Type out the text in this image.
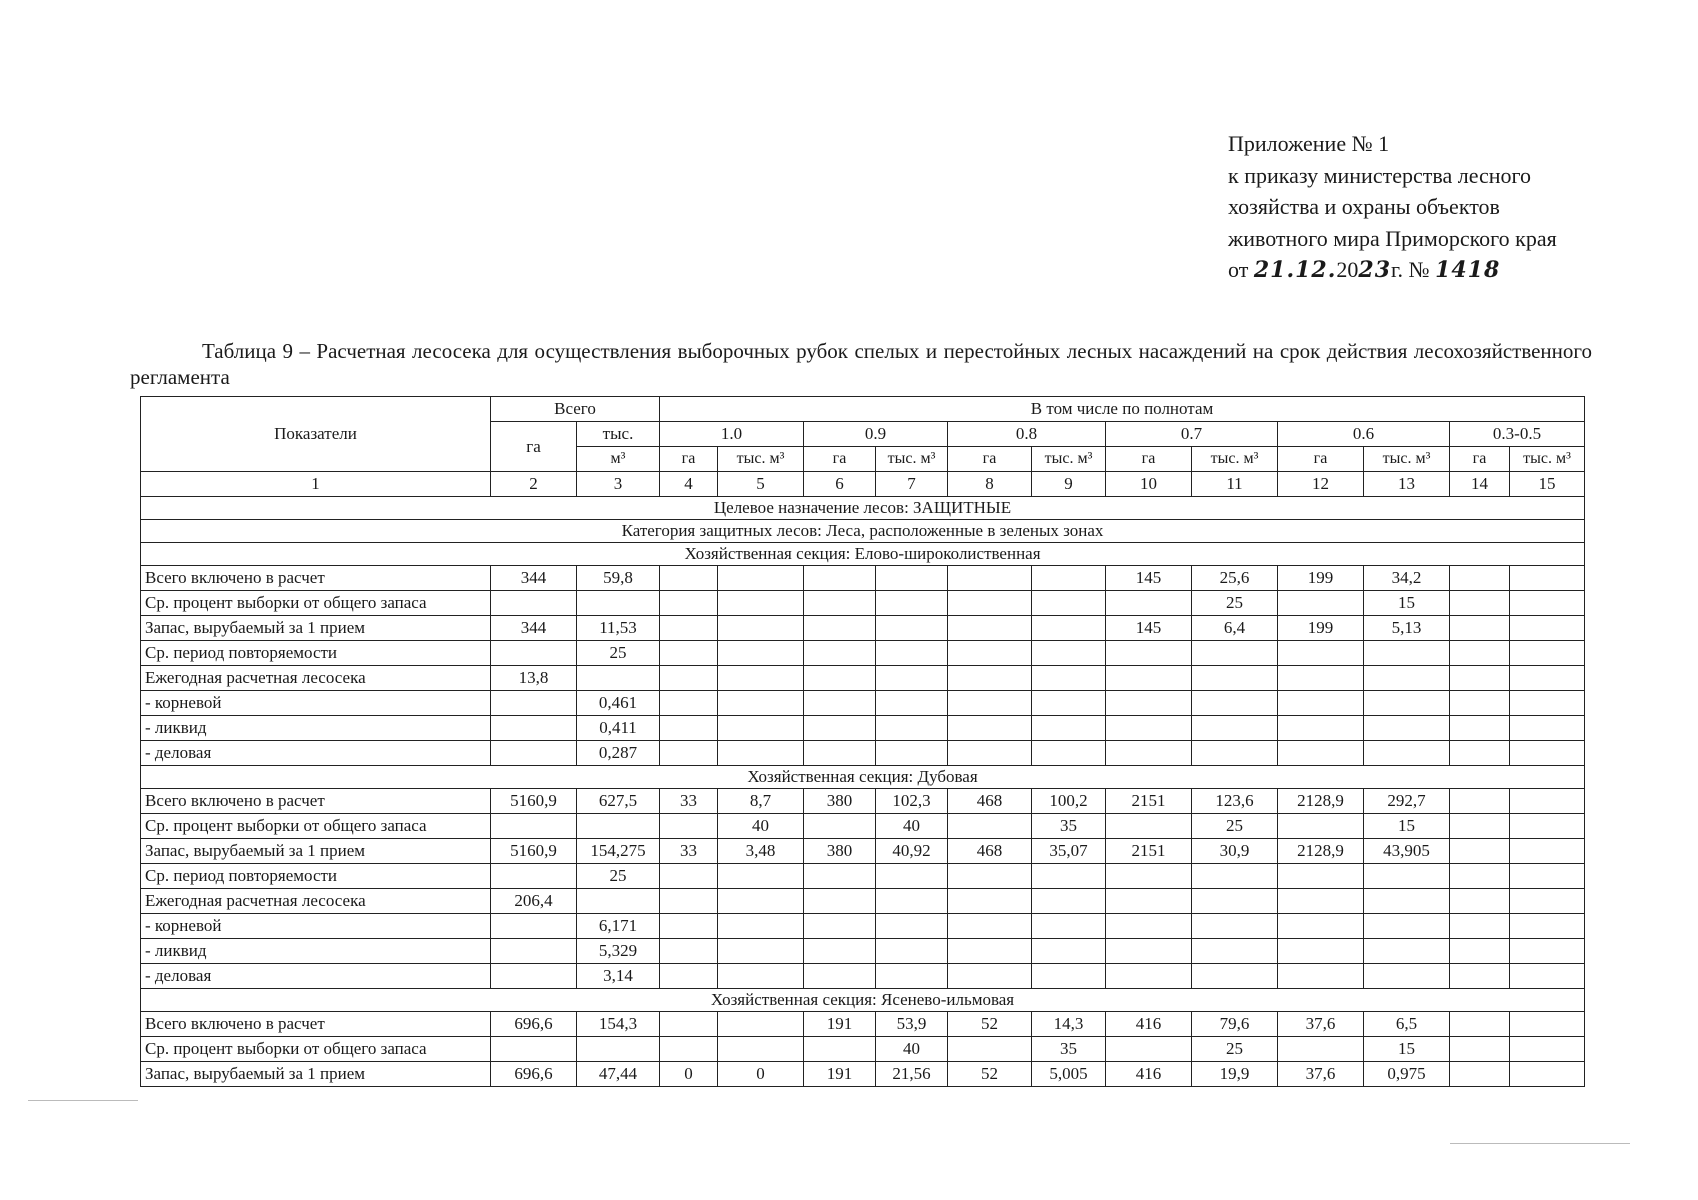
Приложение № 1
к приказу министерства лесного
хозяйства и охраны объектов
животного мира Приморского края
от 21.12.2023г. № 1418
Таблица 9 – Расчетная лесосека для осуществления выборочных рубок спелых и перестойных лесных насаждений на срок действия лесохозяйственного регламента
Показатели	Всего		В том числе по полнотам											
	га	тыс.	1.0		0.9		0.8		0.7		0.6		0.3-0.5	
		м³	га	тыс. м³	га	тыс. м³	га	тыс. м³	га	тыс. м³	га	тыс. м³	га	тыс. м³
1	2	3	4	5	6	7	8	9	10	11	12	13	14	15
Целевое назначение лесов: ЗАЩИТНЫЕ														
Категория защитных лесов: Леса, расположенные в зеленых зонах														
Хозяйственная секция: Елово-широколиственная														
Всего включено в расчет	344	59,8							145	25,6	199	34,2		
Ср. процент выборки от общего запаса										25		15		
Запас, вырубаемый за 1 прием	344	11,53							145	6,4	199	5,13		
Ср. период повторяемости		25												
Ежегодная расчетная лесосека	13,8													
- корневой		0,461												
- ликвид		0,411												
- деловая		0,287												
Хозяйственная секция: Дубовая														
Всего включено в расчет	5160,9	627,5	33	8,7	380	102,3	468	100,2	2151	123,6	2128,9	292,7		
Ср. процент выборки от общего запаса				40		40		35		25		15		
Запас, вырубаемый за 1 прием	5160,9	154,275	33	3,48	380	40,92	468	35,07	2151	30,9	2128,9	43,905		
Ср. период повторяемости		25												
Ежегодная расчетная лесосека	206,4													
- корневой		6,171												
- ликвид		5,329												
- деловая		3,14												
Хозяйственная секция: Ясенево-ильмовая														
Всего включено в расчет	696,6	154,3			191	53,9	52	14,3	416	79,6	37,6	6,5		
Ср. процент выборки от общего запаса						40		35		25		15		
Запас, вырубаемый за 1 прием	696,6	47,44	0	0	191	21,56	52	5,005	416	19,9	37,6	0,975		
